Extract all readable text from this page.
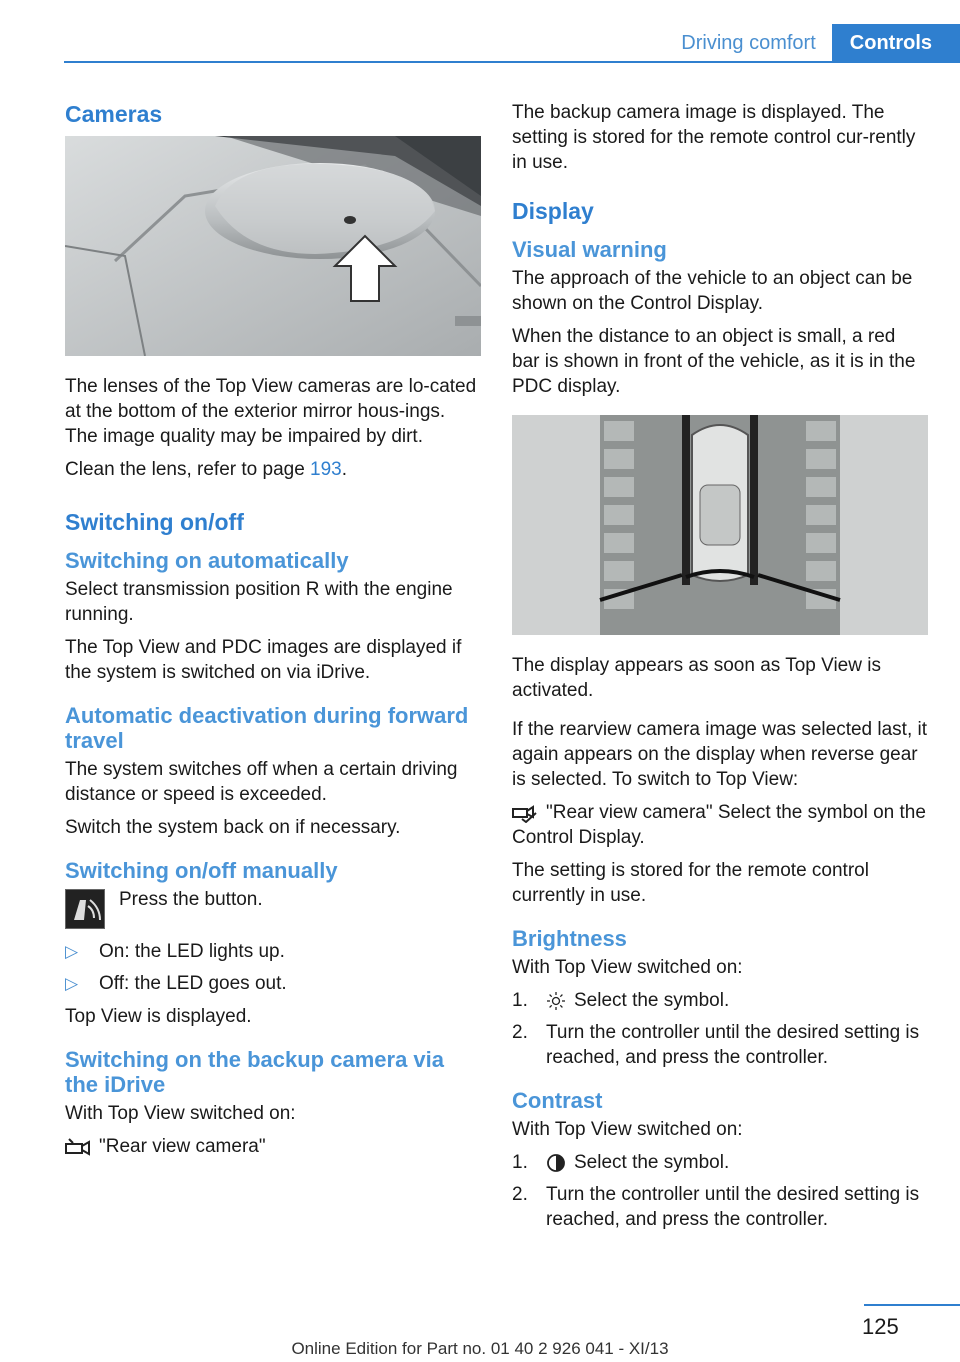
Driving comfort	Controls
Cameras

The lenses of the Top View cameras are lo‐cated at the bottom of the exterior mirror hous‐ings. The image quality may be impaired by dirt.

Clean the lens, refer to page 193.

Switching on/off
Switching on automatically

Select transmission position R with the engine running.

The Top View and PDC images are displayed if the system is switched on via iDrive.

Automatic deactivation during forward travel

The system switches off when a certain driving distance or speed is exceeded.

Switch the system back on if necessary.

Switching on/off manually
Press the button.
▷ On: the LED lights up.
▷ Off: the LED goes out.

Top View is displayed.

Switching on the backup camera via the iDrive

With Top View switched on:

"Rear view camera"

The backup camera image is displayed. The setting is stored for the remote control cur‐rently in use.

Display
Visual warning

The approach of the vehicle to an object can be shown on the Control Display.

When the distance to an object is small, a red bar is shown in front of the vehicle, as it is in the PDC display.

The display appears as soon as Top View is activated.

If the rearview camera image was selected last, it again appears on the display when reverse gear is selected. To switch to Top View:

"Rear view camera" Select the symbol on the Control Display.

The setting is stored for the remote control currently in use.

Brightness

With Top View switched on:

1. Select the symbol.
2. Turn the controller until the desired setting is reached, and press the controller.
Contrast

With Top View switched on:

1. Select the symbol.
2. Turn the controller until the desired setting is reached, and press the controller.
125
Online Edition for Part no. 01 40 2 926 041 - XI/13
